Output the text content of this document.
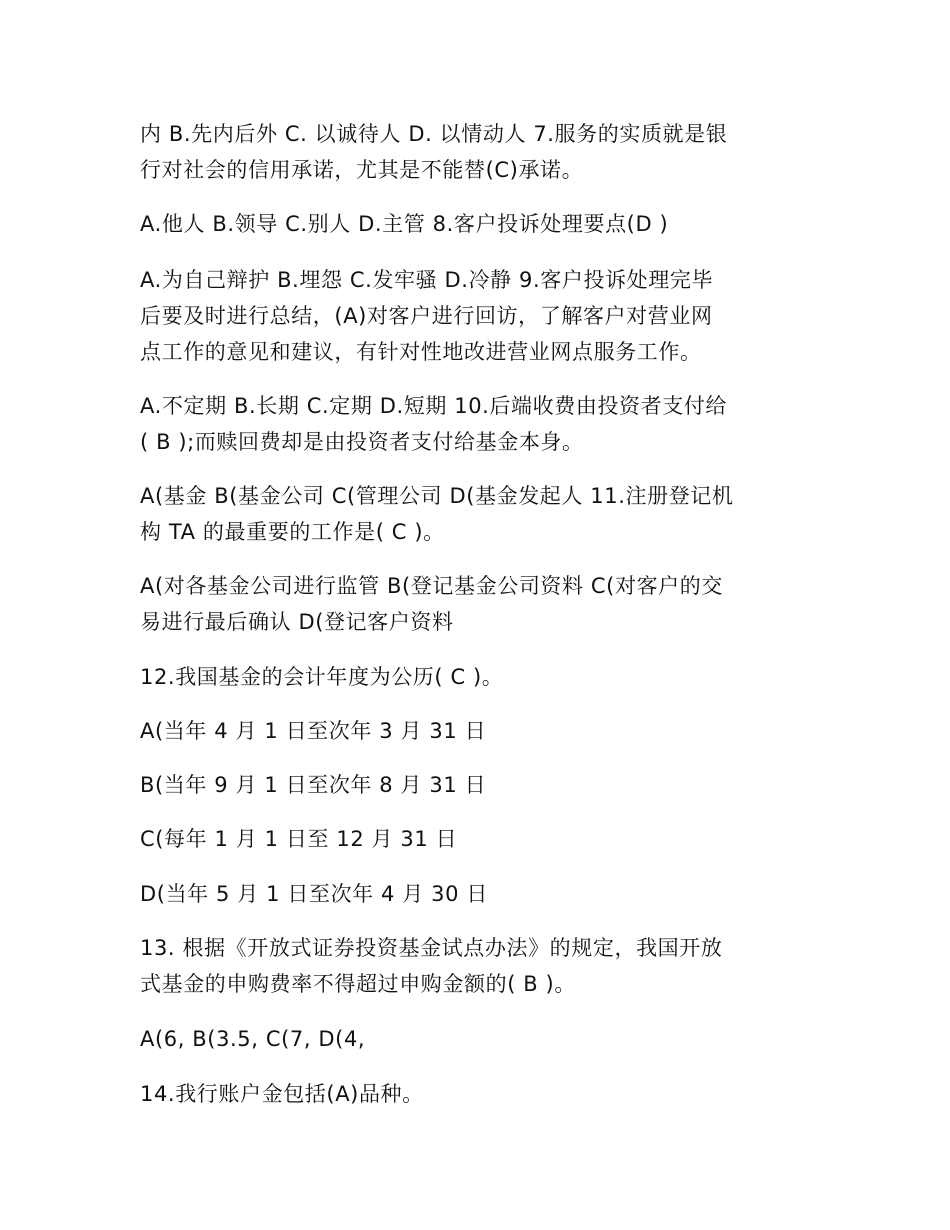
内 B.先内后外 C. 以诚待人 D. 以情动人 7.服务的实质就是银
行对社会的信用承诺，尤其是不能替(C)承诺。

A.他人 B.领导 C.别人 D.主管 8.客户投诉处理要点(D )

A.为自己辩护 B.埋怨 C.发牢骚 D.冷静 9.客户投诉处理完毕
后要及时进行总结，(A)对客户进行回访，了解客户对营业网
点工作的意见和建议，有针对性地改进营业网点服务工作。

A.不定期 B.长期 C.定期 D.短期 10.后端收费由投资者支付给
( B );而赎回费却是由投资者支付给基金本身。

A(基金 B(基金公司 C(管理公司 D(基金发起人 11.注册登记机
构 TA 的最重要的工作是( C )。

A(对各基金公司进行监管 B(登记基金公司资料 C(对客户的交
易进行最后确认 D(登记客户资料

12.我国基金的会计年度为公历( C )。

A(当年 4 月 1 日至次年 3 月 31 日

B(当年 9 月 1 日至次年 8 月 31 日

C(每年 1 月 1 日至 12 月 31 日

D(当年 5 月 1 日至次年 4 月 30 日

13. 根据《开放式证券投资基金试点办法》的规定，我国开放
式基金的申购费率不得超过申购金额的( B )。

A(6, B(3.5, C(7, D(4,

14.我行账户金包括(A)品种。
